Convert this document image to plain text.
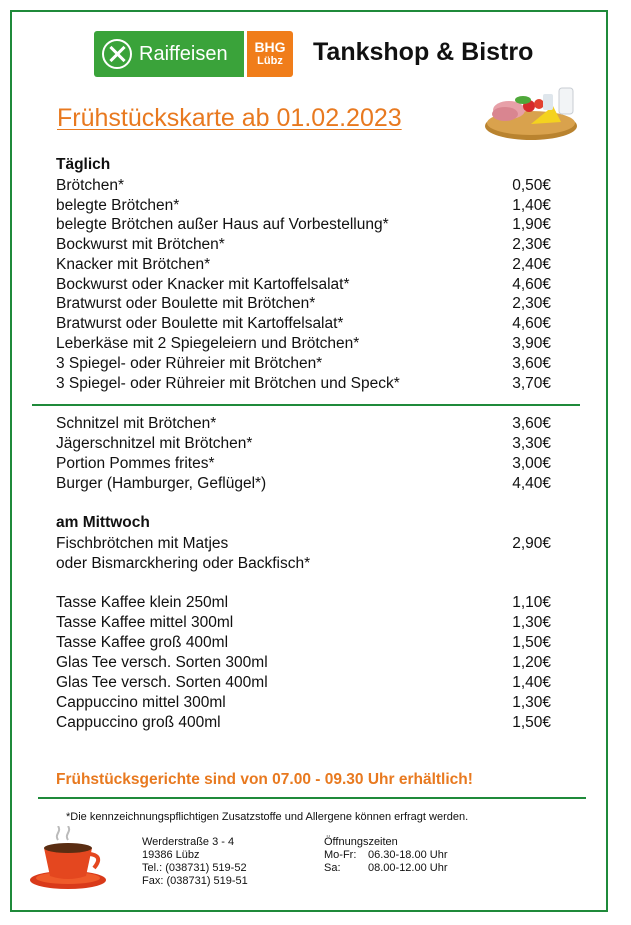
Raiffeisen BHG
Lübz Tankshop & Bistro
Frühstückskarte ab 01.02.2023
Täglich
Brötchen*	0,50€
belegte Brötchen*	1,40€
belegte Brötchen außer Haus auf Vorbestellung*	1,90€
Bockwurst mit Brötchen*	2,30€
Knacker mit Brötchen*	2,40€
Bockwurst oder Knacker mit Kartoffelsalat*	4,60€
Bratwurst oder Boulette mit Brötchen*	2,30€
Bratwurst oder Boulette mit Kartoffelsalat*	4,60€
Leberkäse mit 2 Spiegeleiern und Brötchen*	3,90€
3 Spiegel- oder Rühreier mit Brötchen*	3,60€
3 Spiegel- oder Rühreier mit Brötchen und Speck*	3,70€
Schnitzel mit Brötchen*	3,60€
Jägerschnitzel mit Brötchen*	3,30€
Portion Pommes frites*	3,00€
Burger (Hamburger, Geflügel*)	4,40€
am Mittwoch
Fischbrötchen mit Matjes	2,90€
oder Bismarckhering oder Backfisch*
Tasse Kaffee klein 250ml	1,10€
Tasse Kaffee mittel 300ml	1,30€
Tasse Kaffee groß 400ml	1,50€
Glas Tee versch. Sorten 300ml	1,20€
Glas Tee versch. Sorten 400ml	1,40€
Cappuccino mittel 300ml	1,30€
Cappuccino groß 400ml	1,50€
Frühstücksgerichte sind von 07.00 - 09.30 Uhr erhältlich!
*Die kennzeichnungspflichtigen Zusatzstoffe und Allergene können erfragt werden.
Werderstraße 3 - 4
19386 Lübz
Tel.: (038731) 519-52
Fax: (038731) 519-51
Öffnungszeiten
Mo-Fr:	06.30-18.00 Uhr
Sa:	08.00-12.00 Uhr
